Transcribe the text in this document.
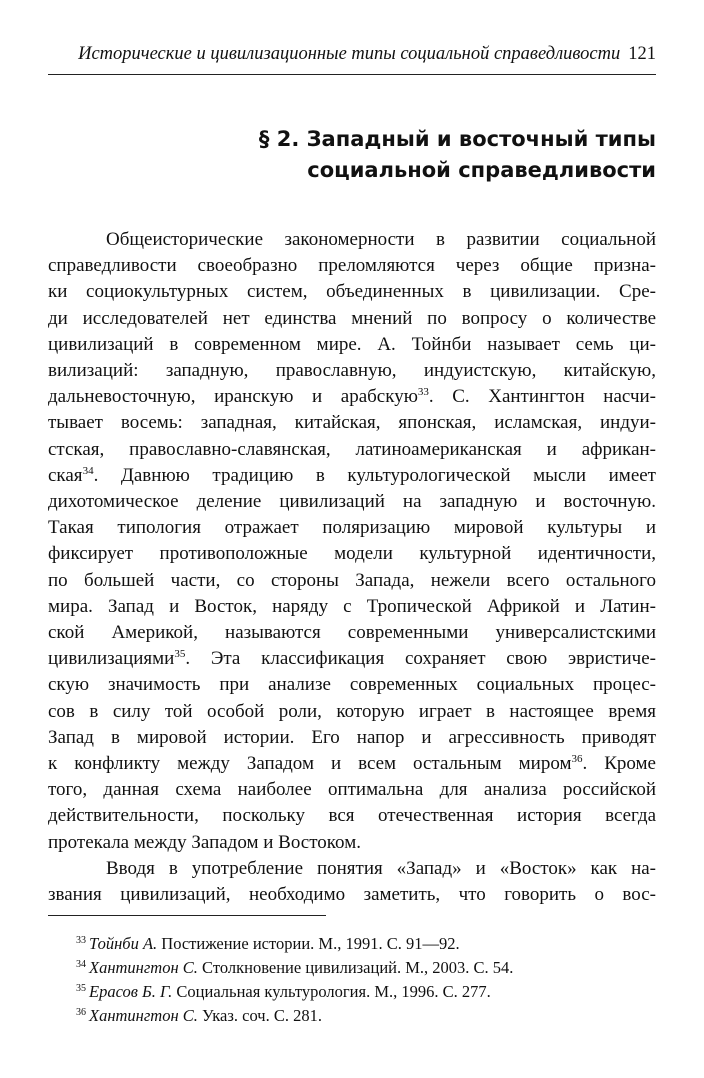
Исторические и цивилизационные типы социальной справедливости 121
§ 2. Западный и восточный типы
социальной справедливости

Общеисторические закономерности в развитии социальной
справедливости своеобразно преломляются через общие призна-
ки социокультурных систем, объединенных в цивилизации. Сре-
ди исследователей нет единства мнений по вопросу о количестве
цивилизаций в современном мире. А. Тойнби называет семь ци-
вилизаций: западную, православную, индуистскую, китайскую,
дальневосточную, иранскую и арабскую$^{33}$. С. Хантингтон насчи-
тывает восемь: западная, китайская, японская, исламская, индуи-
стская, православно-славянская, латиноамериканская и африкан-
ская$^{34}$. Давнюю традицию в культурологической мысли имеет
дихотомическое деление цивилизаций на западную и восточную.
Такая типология отражает поляризацию мировой культуры и
фиксирует противоположные модели культурной идентичности,
по большей части, со стороны Запада, нежели всего остального
мира. Запад и Восток, наряду с Тропической Африкой и Латин-
ской Америкой, называются современными универсалистскими
цивилизациями$^{35}$. Эта классификация сохраняет свою эвристиче-
скую значимость при анализе современных социальных процес-
сов в силу той особой роли, которую играет в настоящее время
Запад в мировой истории. Его напор и агрессивность приводят
к конфликту между Западом и всем остальным миром$^{36}$. Кроме
того, данная схема наиболее оптимальна для анализа российской
действительности, поскольку вся отечественная история всегда
протекала между Западом и Востоком.

Вводя в употребление понятия «Запад» и «Восток» как на-
звания цивилизаций, необходимо заметить, что говорить о вос-

$^{33}$ Тойнби А. Постижение истории. М., 1991. С. 91—92.
$^{34}$ Хантингтон С. Столкновение цивилизаций. М., 2003. С. 54.
$^{35}$ Ерасов Б. Г. Социальная культурология. М., 1996. С. 277.
$^{36}$ Хантингтон С. Указ. соч. С. 281.
